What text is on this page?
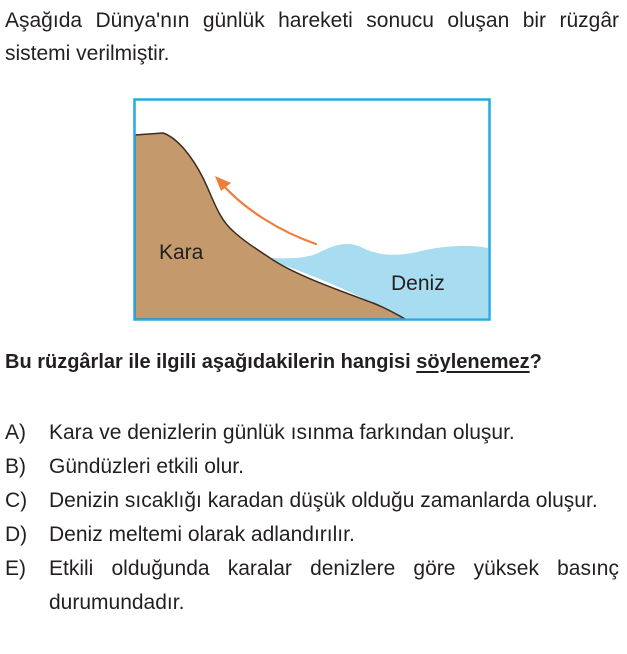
Aşağıda Dünya'nın günlük hareketi sonucu oluşan bir rüzgâr sistemi verilmiştir.

Kara
Deniz

Bu rüzgârlar ile ilgili aşağıdakilerin hangisi söylenemez?

A)	Kara ve denizlerin günlük ısınma farkından oluşur.
B)	Gündüzleri etkili olur.
C)	Denizin sıcaklığı karadan düşük olduğu zamanlarda oluşur.
D)	Deniz meltemi olarak adlandırılır.
E)	Etkili olduğunda karalar denizlere göre yüksek basınç durumundadır.
